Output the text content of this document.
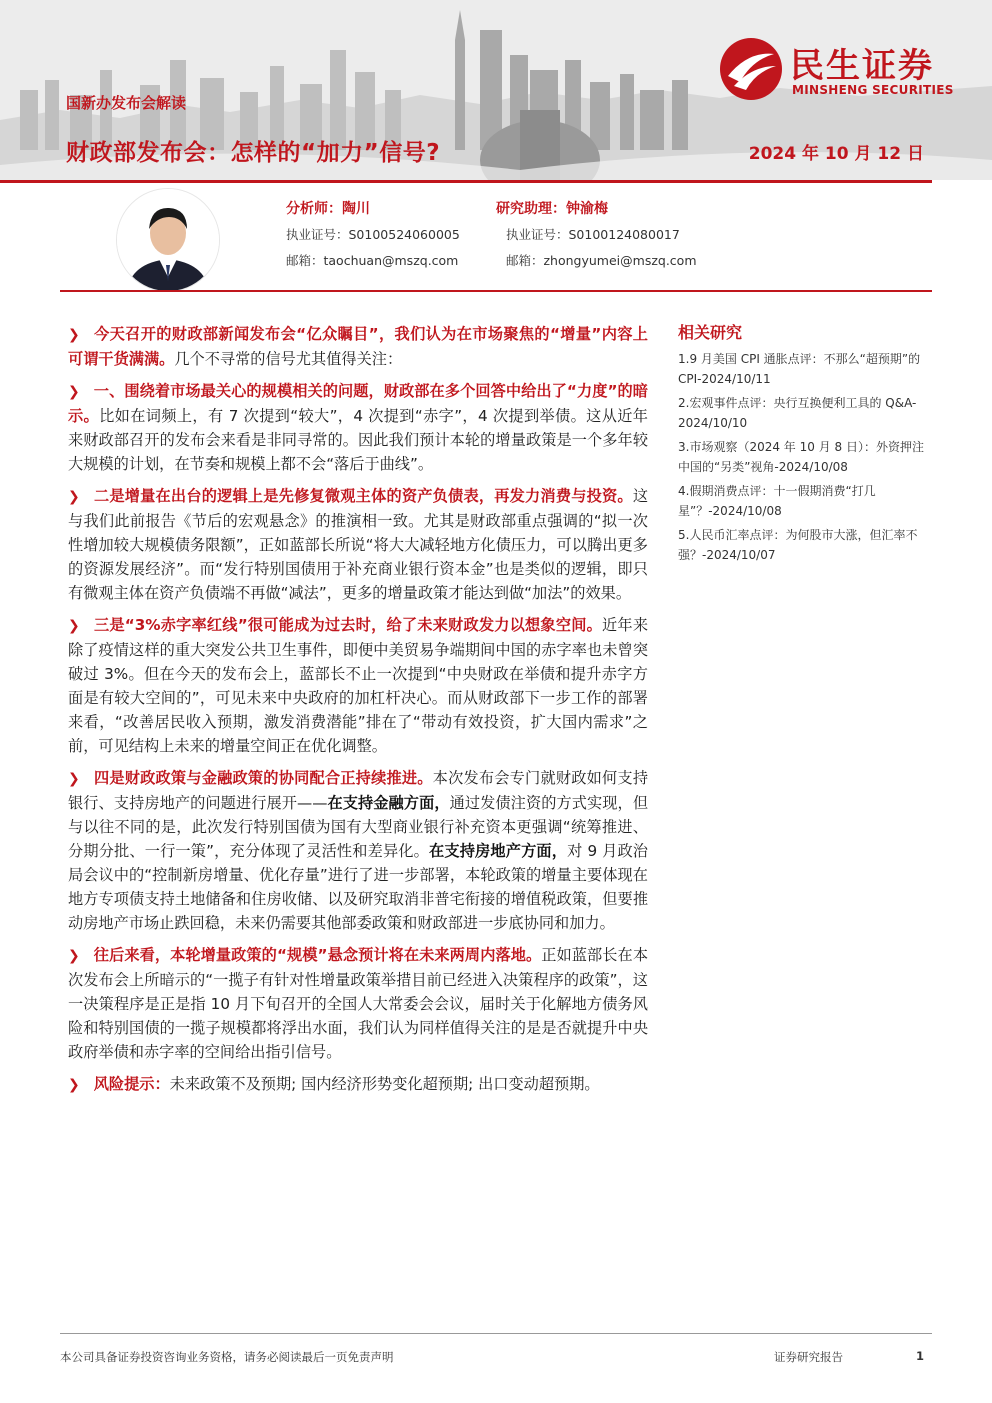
民生证券
MINSHENG SECURITIES
国新办发布会解读
财政部发布会：怎样的“加力”信号?	2024 年 10 月 12 日
分析师：陶川
执业证号：S0100524060005
邮箱：taochuan@mszq.com
研究助理：钟渝梅
执业证号：S0100124080017
邮箱：zhongyumei@mszq.com
❯ 今天召开的财政部新闻发布会“亿众瞩目”，我们认为在市场聚焦的“增量”内容上可谓干货满满。几个不寻常的信号尤其值得关注：
❯ 一、围绕着市场最关心的规模相关的问题，财政部在多个回答中给出了“力度”的暗示。比如在词频上，有 7 次提到“较大”，4 次提到“赤字”，4 次提到举债。这从近年来财政部召开的发布会来看是非同寻常的。因此我们预计本轮的增量政策是一个多年较大规模的计划，在节奏和规模上都不会“落后于曲线”。
❯ 二是增量在出台的逻辑上是先修复微观主体的资产负债表，再发力消费与投资。这与我们此前报告《节后的宏观悬念》的推演相一致。尤其是财政部重点强调的“拟一次性增加较大规模债务限额”，正如蓝部长所说“将大大减轻地方化债压力，可以腾出更多的资源发展经济”。而“发行特别国债用于补充商业银行资本金”也是类似的逻辑，即只有微观主体在资产负债端不再做“减法”，更多的增量政策才能达到做“加法”的效果。
❯ 三是“3%赤字率红线”很可能成为过去时，给了未来财政发力以想象空间。近年来除了疫情这样的重大突发公共卫生事件，即便中美贸易争端期间中国的赤字率也未曾突破过 3%。但在今天的发布会上，蓝部长不止一次提到“中央财政在举债和提升赤字方面是有较大空间的”，可见未来中央政府的加杠杆决心。而从财政部下一步工作的部署来看，“改善居民收入预期，激发消费潜能”排在了“带动有效投资，扩大国内需求”之前，可见结构上未来的增量空间正在优化调整。
❯ 四是财政政策与金融政策的协同配合正持续推进。本次发布会专门就财政如何支持银行、支持房地产的问题进行展开——在支持金融方面，通过发债注资的方式实现，但与以往不同的是，此次发行特别国债为国有大型商业银行补充资本更强调“统筹推进、分期分批、一行一策”，充分体现了灵活性和差异化。在支持房地产方面，对 9 月政治局会议中的“控制新房增量、优化存量”进行了进一步部署，本轮政策的增量主要体现在地方专项债支持土地储备和住房收储、以及研究取消非普宅衔接的增值税政策，但要推动房地产市场止跌回稳，未来仍需要其他部委政策和财政部进一步底协同和加力。
❯ 往后来看，本轮增量政策的“规模”悬念预计将在未来两周内落地。正如蓝部长在本次发布会上所暗示的“一揽子有针对性增量政策举措目前已经进入决策程序的政策”，这一决策程序是正是指 10 月下旬召开的全国人大常委会会议，届时关于化解地方债务风险和特别国债的一揽子规模都将浮出水面，我们认为同样值得关注的是是否就提升中央政府举债和赤字率的空间给出指引信号。
❯ 风险提示：未来政策不及预期; 国内经济形势变化超预期; 出口变动超预期。
相关研究
1.9 月美国 CPI 通胀点评：不那么“超预期”的 CPI-2024/10/11
2.宏观事件点评：央行互换便利工具的 Q&A-2024/10/10
3.市场观察（2024 年 10 月 8 日）：外资押注中国的“另类”视角-2024/10/08
4.假期消费点评：十一假期消费“打几星”？-2024/10/08
5.人民币汇率点评：为何股市大涨，但汇率不强？-2024/10/07
本公司具备证券投资咨询业务资格，请务必阅读最后一页免责声明	证券研究报告	1
